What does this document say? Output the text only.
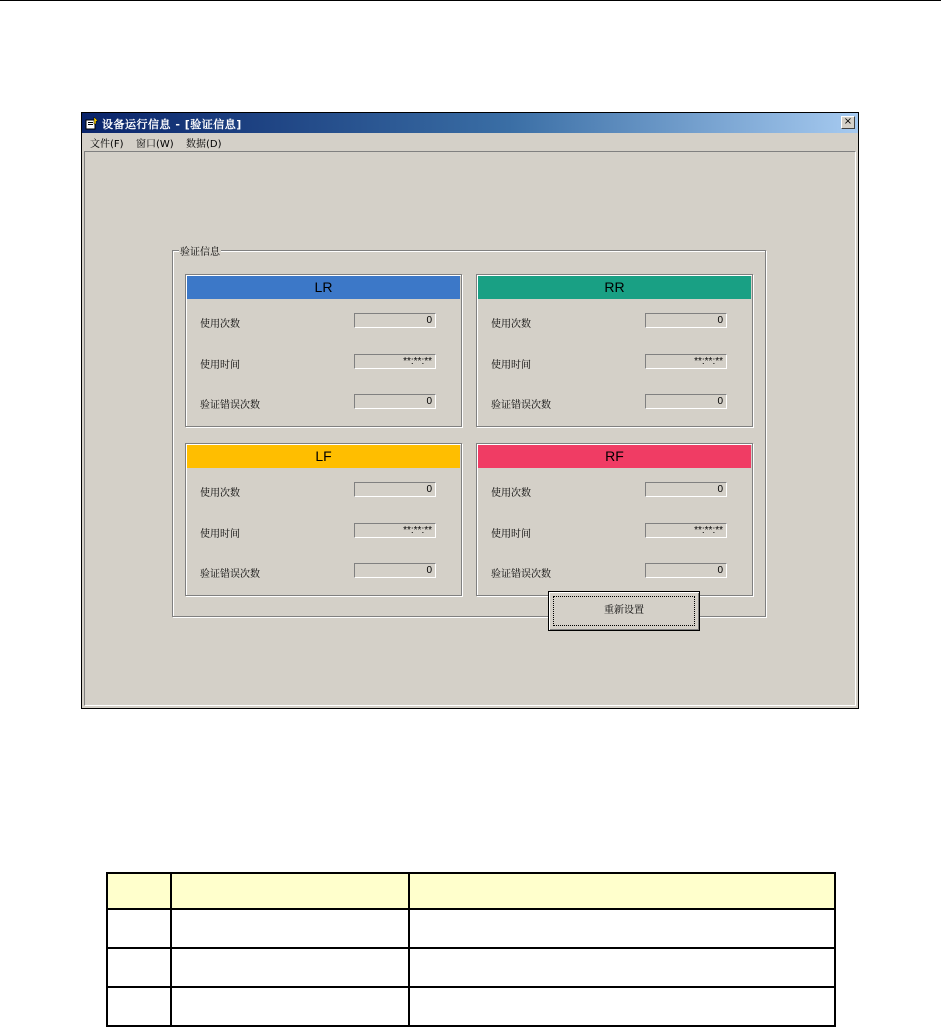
设备运行信息 - [验证信息]	×
文件(F) 窗口(W) 数据(D)
验证信息
LR
使用次数	0
使用时间	**:**:**
验证错误次数	0
RR
使用次数	0
使用时间	**:**:**
验证错误次数	0
LF
使用次数	0
使用时间	**:**:**
验证错误次数	0
RF
使用次数	0
使用时间	**:**:**
验证错误次数	0
重新设置
